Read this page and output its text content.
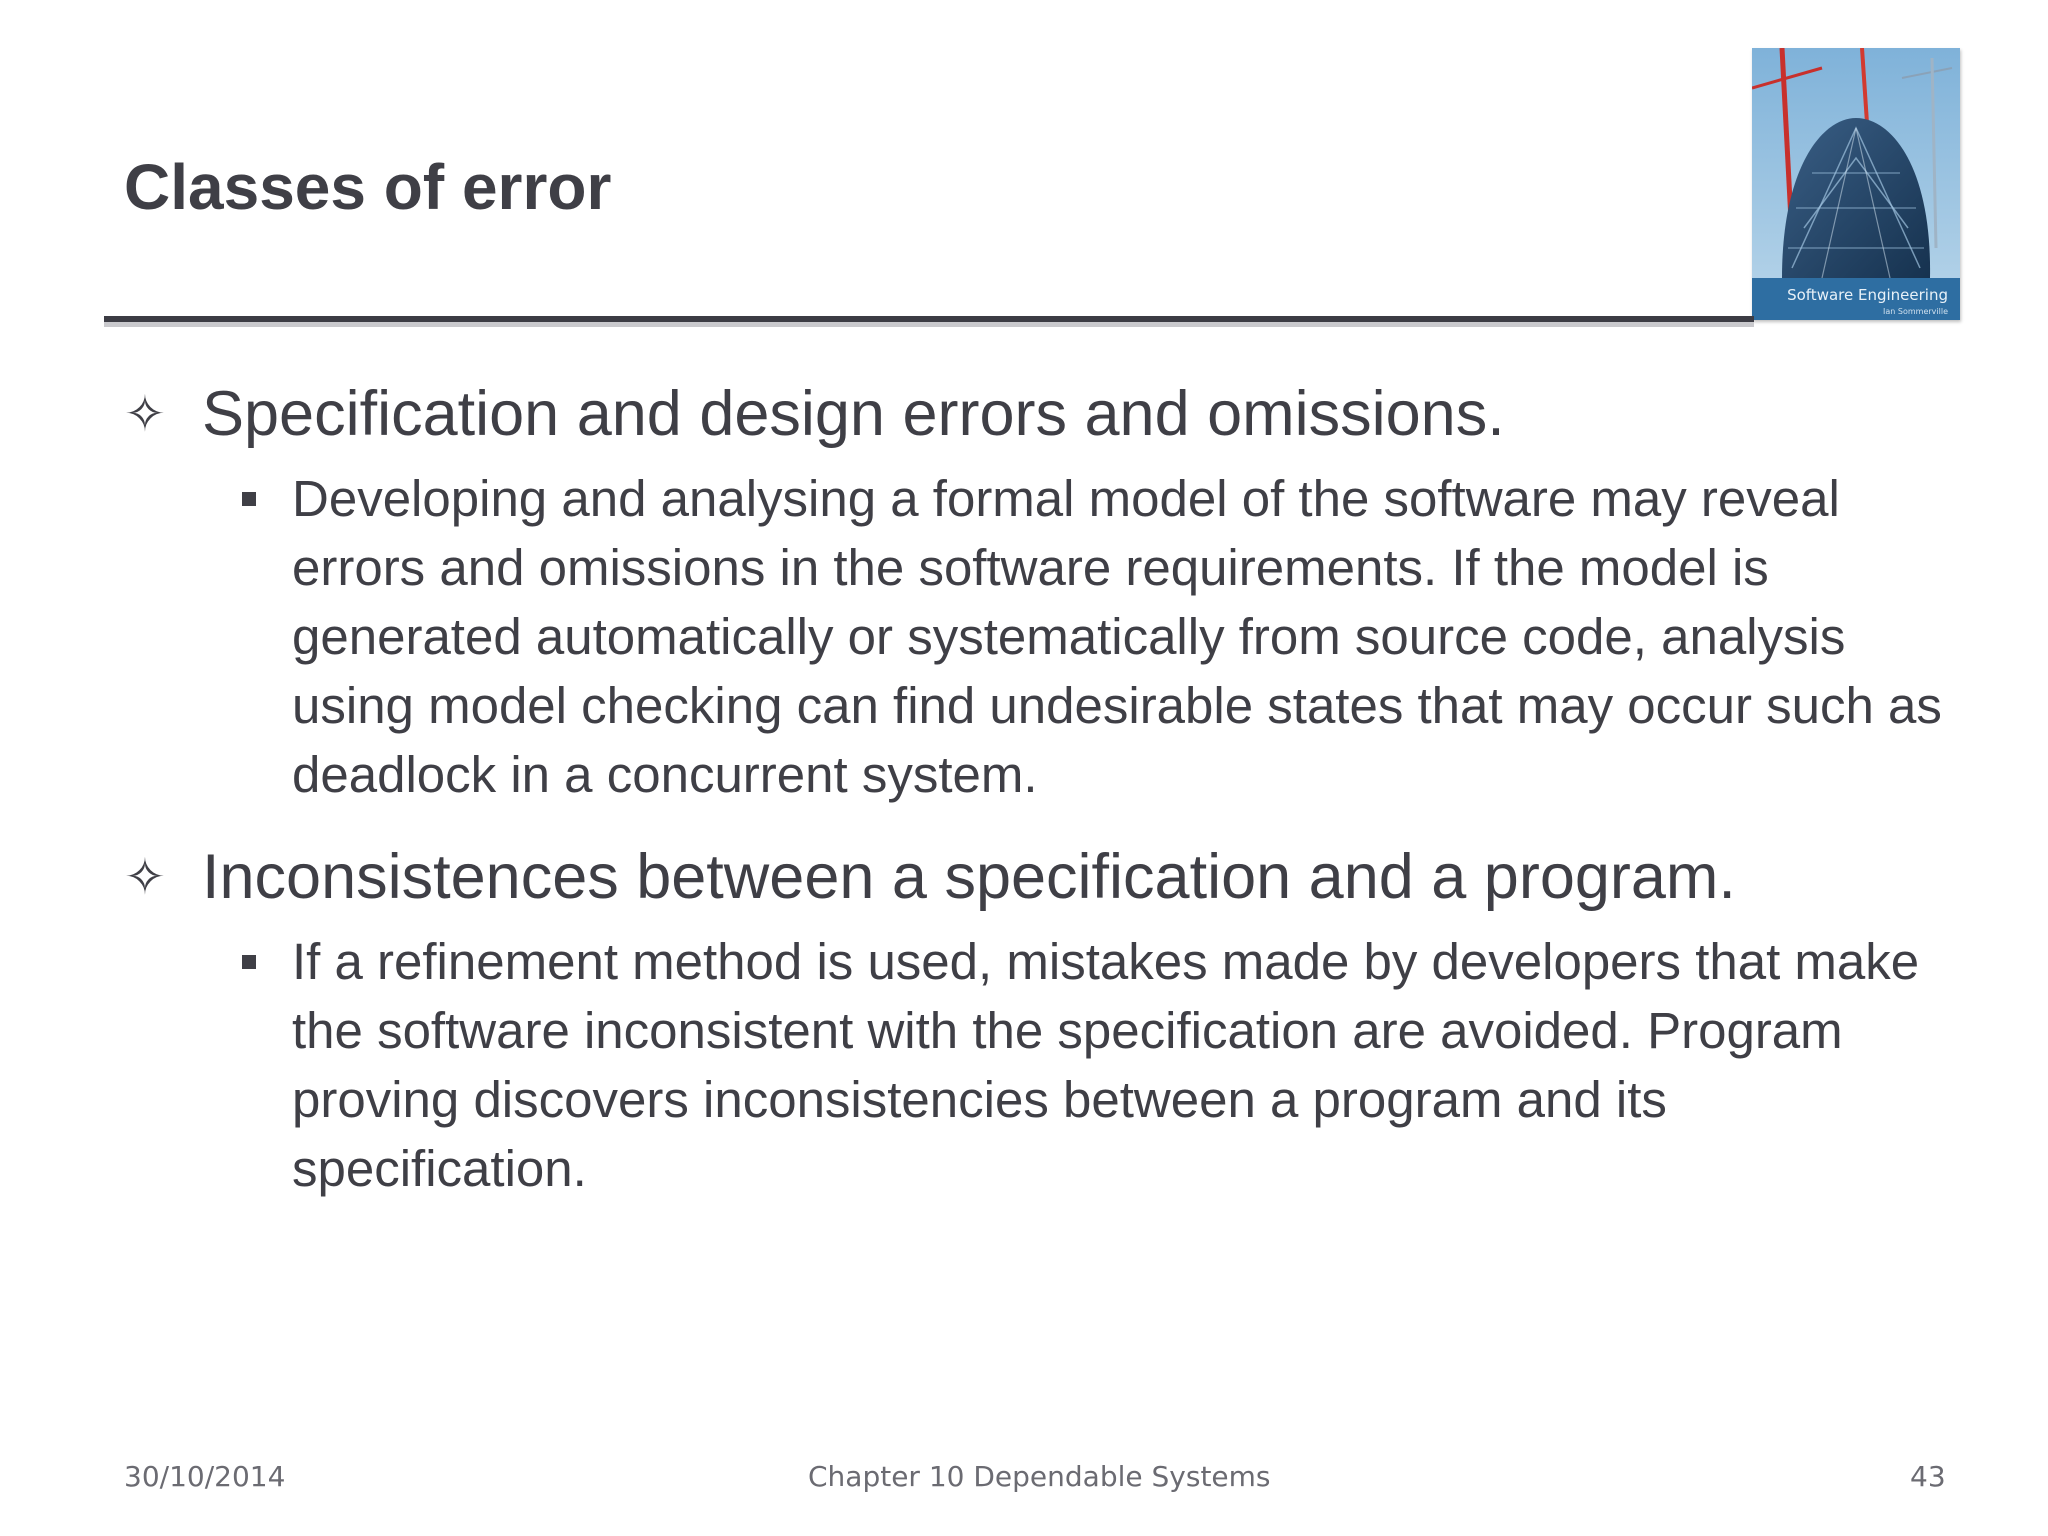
Classes of error
Software Engineering
Ian Sommerville
✧ Specification and design errors and omissions.
Developing and analysing a formal model of the software may reveal errors and omissions in the software requirements. If the model is generated automatically or systematically from source code, analysis using model checking can find undesirable states that may occur such as deadlock in a concurrent system.
✧ Inconsistences between a specification and a program.
If a refinement method is used, mistakes made by developers that make the software inconsistent with the specification are avoided. Program proving discovers inconsistencies between a program and its specification.
30/10/2014	Chapter 10 Dependable Systems	43
